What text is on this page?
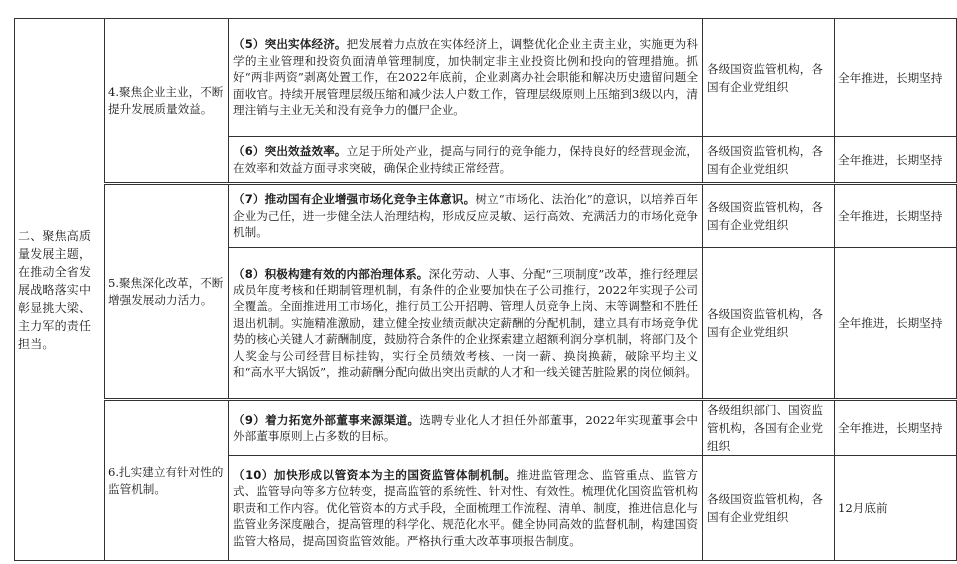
二、聚焦高质量发展主题，在推动全省发展战略落实中彰显挑大梁、主力军的责任担当。	4.聚焦企业主业，不断提升发展质量效益。	（5）突出实体经济。把发展着力点放在实体经济上，调整优化企业主责主业，实施更为科学的主业管理和投资负面清单管理制度，加快制定非主业投资比例和投向的管理措施。抓好“两非两资”剥离处置工作，在2022年底前，企业剥离办社会职能和解决历史遗留问题全面收官。持续开展管理层级压缩和减少法人户数工作，管理层级原则上压缩到3级以内，清理注销与主业无关和没有竞争力的僵尸企业。	各级国资监管机构，各国有企业党组织	全年推进，长期坚持
		（6）突出效益效率。立足于所处产业，提高与同行的竞争能力，保持良好的经营现金流，在效率和效益方面寻求突破，确保企业持续正常经营。	各级国资监管机构，各国有企业党组织	全年推进，长期坚持
	5.聚焦深化改革，不断增强发展动力活力。	（7）推动国有企业增强市场化竞争主体意识。树立“市场化、法治化”的意识，以培养百年企业为己任，进一步健全法人治理结构，形成反应灵敏、运行高效、充满活力的市场化竞争机制。	各级国资监管机构，各国有企业党组织	全年推进，长期坚持
		（8）积极构建有效的内部治理体系。深化劳动、人事、分配“三项制度”改革，推行经理层成员年度考核和任期制管理机制，有条件的企业要加快在子公司推行，2022年实现子公司全覆盖。全面推进用工市场化，推行员工公开招聘、管理人员竞争上岗、末等调整和不胜任退出机制。实施精准激励，建立健全按业绩贡献决定薪酬的分配机制，建立具有市场竞争优势的核心关键人才薪酬制度，鼓励符合条件的企业探索建立超额利润分享机制，将部门及个人奖金与公司经营目标挂钩，实行全员绩效考核、一岗一薪、换岗换薪，破除平均主义和“高水平大锅饭”，推动薪酬分配向做出突出贡献的人才和一线关键苦脏险累的岗位倾斜。	各级国资监管机构，各国有企业党组织	全年推进，长期坚持
	6.扎实建立有针对性的监管机制。	（9）着力拓宽外部董事来源渠道。选聘专业化人才担任外部董事，2022年实现董事会中外部董事原则上占多数的目标。	各级组织部门、国资监管机构，各国有企业党组织	全年推进，长期坚持
		（10）加快形成以管资本为主的国资监管体制机制。推进监管理念、监管重点、监管方式、监管导向等多方位转变，提高监管的系统性、针对性、有效性。梳理优化国资监管机构职责和工作内容。优化管资本的方式手段，全面梳理工作流程、清单、制度，推进信息化与监管业务深度融合，提高管理的科学化、规范化水平。健全协同高效的监督机制，构建国资监管大格局，提高国资监管效能。严格执行重大改革事项报告制度。	各级国资监管机构，各国有企业党组织	12月底前
